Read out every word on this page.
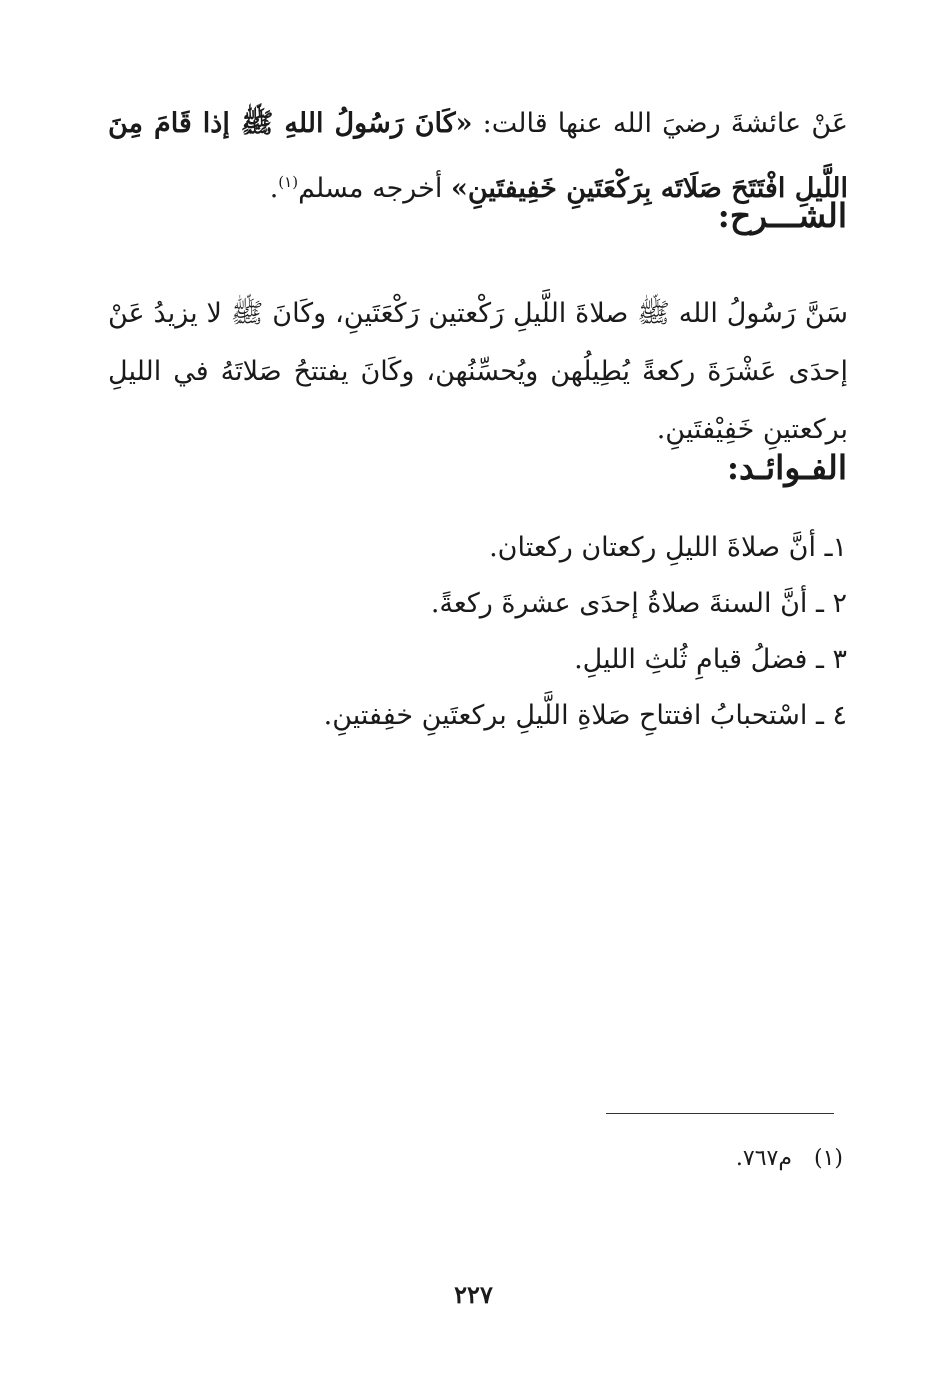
عَنْ عائشةَ رضيَ الله عنها قالت: «كَانَ رَسُولُ اللهِ ﷺ إذا قَامَ مِنَ اللَّيلِ افْتَتَحَ صَلَاتَه بِرَكْعَتَينِ خَفِيفتَينِ» أخرجه مسلم$^{(١)}$.

الشـــرح:

سَنَّ رَسُولُ الله ﷺ صلاةَ اللَّيلِ رَكْعتين رَكْعَتَينِ، وكَانَ ﷺ لا يزيدُ عَنْ إحدَى عَشْرَةَ ركعةً يُطِيلُهن ويُحسِّنُهن، وكَانَ يفتتحُ صَلاتَهُ في الليلِ بركعتينِ خَفِيْفتَينِ.

الفـوائـد:
١ـ أنَّ صلاةَ الليلِ ركعتان ركعتان.
٢ ـ أنَّ السنةَ صلاةُ إحدَى عشرةَ ركعةً.
٣ ـ فضلُ قيامِ ثُلثِ الليلِ.
٤ ـ اسْتحبابُ افتتاحِ صَلاةِ اللَّيلِ بركعتَينِ خفِفتينِ.
(١)م٧٦٧.
٢٢٧
